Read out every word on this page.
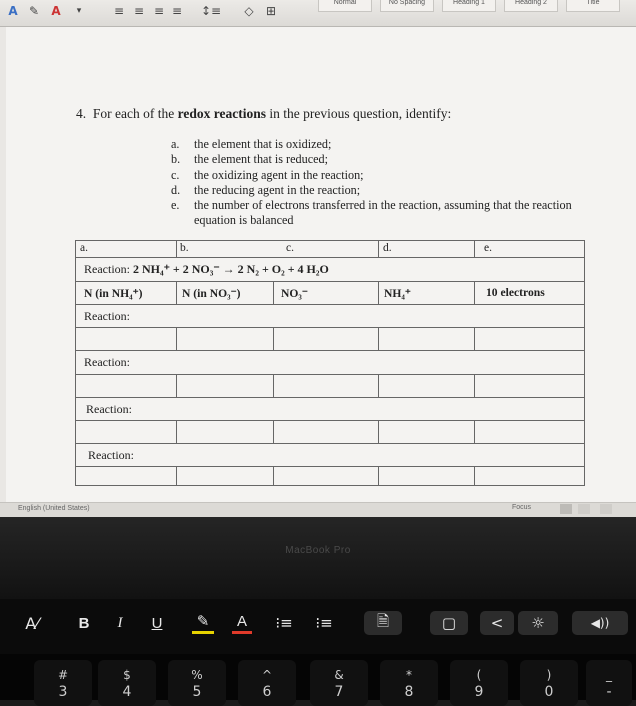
A ✎ A	▾	≡ ≡ ≡ ≡	↕≡	◇	⊞
Normal	No Spacing	Heading 1	Heading 2	Title
4. For each of the redox reactions in the previous question, identify:
a.	the element that is oxidized;
b.	the element that is reduced;
c.	the oxidizing agent in the reaction;
d.	the reducing agent in the reaction;
e.	the number of electrons transferred in the reaction, assuming that the reaction equation is balanced
a.	b.	c.	d.	e.
Reaction: 2 NH₄⁺ + 2 NO₃⁻ → 2 N₂ + O₂ + 4 H₂O
N (in NH₄⁺)	N (in NO₃⁻)	NO₃⁻	NH₄⁺	10 electrons
Reaction:
Reaction:
Reaction:
Reaction:
English (United States)	Focus
MacBook Pro
A⁄	B	I	U	✎	A	⁝≡ ⁝≡	🗎	▢	<	☼	◀))
#
3
$
4
%
5
^
6
&
7
*
8
(
9
)
0
_
-
